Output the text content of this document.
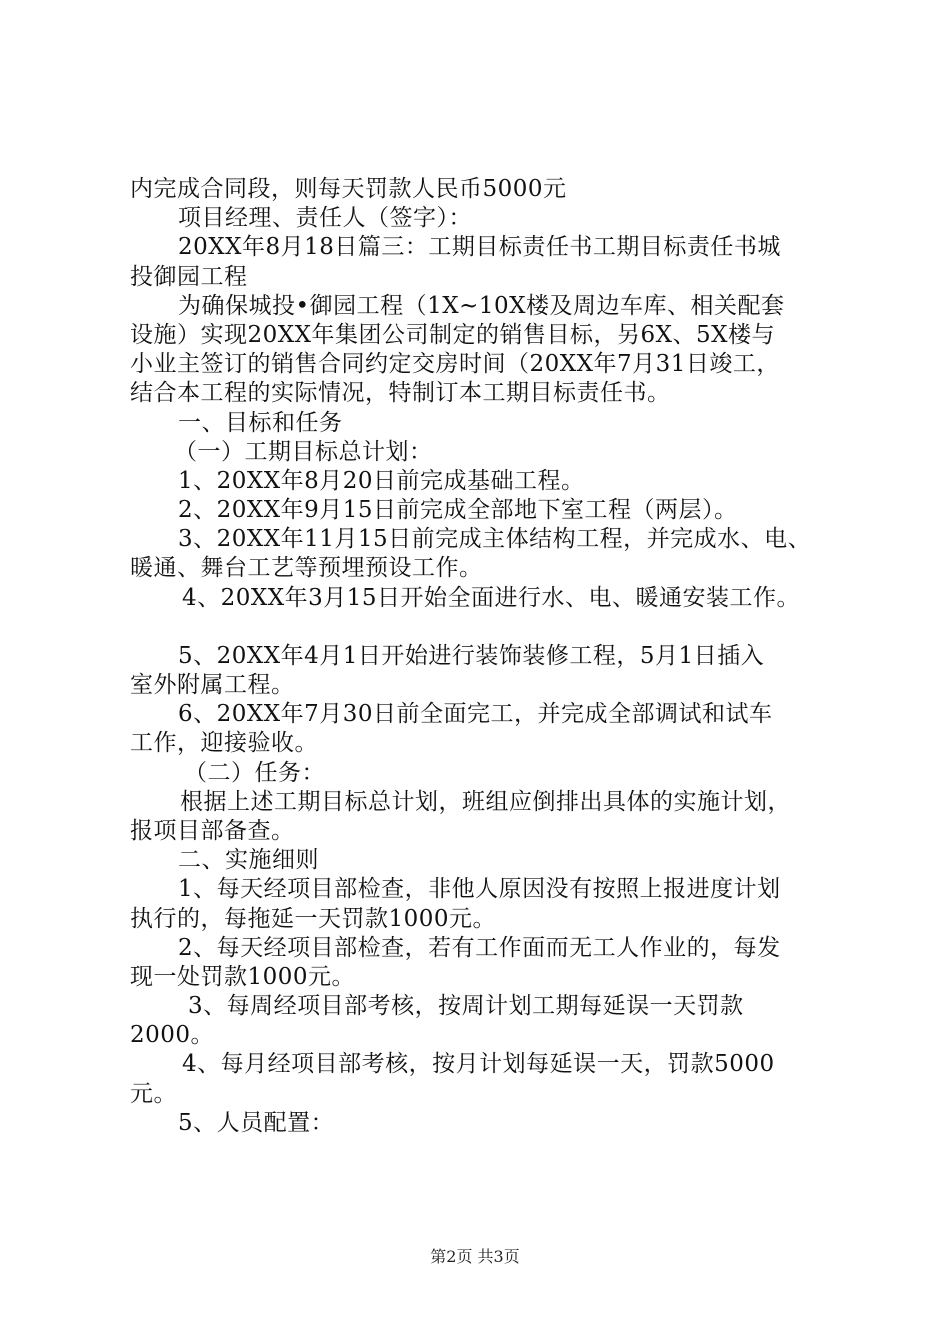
内完成合同段，则每天罚款人民币5000元
项目经理、责任人（签字）：
20XX年8月18日篇三：工期目标责任书工期目标责任书城
投御园工程
为确保城投•御园工程（1X~10X楼及周边车库、相关配套
设施）实现20XX年集团公司制定的销售目标，另6X、5X楼与
小业主签订的销售合同约定交房时间（20XX年7月31日竣工，
结合本工程的实际情况，特制订本工期目标责任书。
一、目标和任务
（一）工期目标总计划：
1、20XX年8月20日前完成基础工程。
2、20XX年9月15日前完成全部地下室工程（两层）。
3、20XX年11月15日前完成主体结构工程，并完成水、电、
暖通、舞台工艺等预埋预设工作。
4、20XX年3月15日开始全面进行水、电、暖通安装工作。
5、20XX年4月1日开始进行装饰装修工程，5月1日插入
室外附属工程。
6、20XX年7月30日前全面完工，并完成全部调试和试车
工作，迎接验收。
（二）任务：
根据上述工期目标总计划，班组应倒排出具体的实施计划，
报项目部备查。
二、实施细则
1、每天经项目部检查，非他人原因没有按照上报进度计划
执行的，每拖延一天罚款1000元。
2、每天经项目部检查，若有工作面而无工人作业的，每发
现一处罚款1000元。
3、每周经项目部考核，按周计划工期每延误一天罚款
2000。
4、每月经项目部考核，按月计划每延误一天，罚款5000
元。
5、人员配置：
第2页 共3页
